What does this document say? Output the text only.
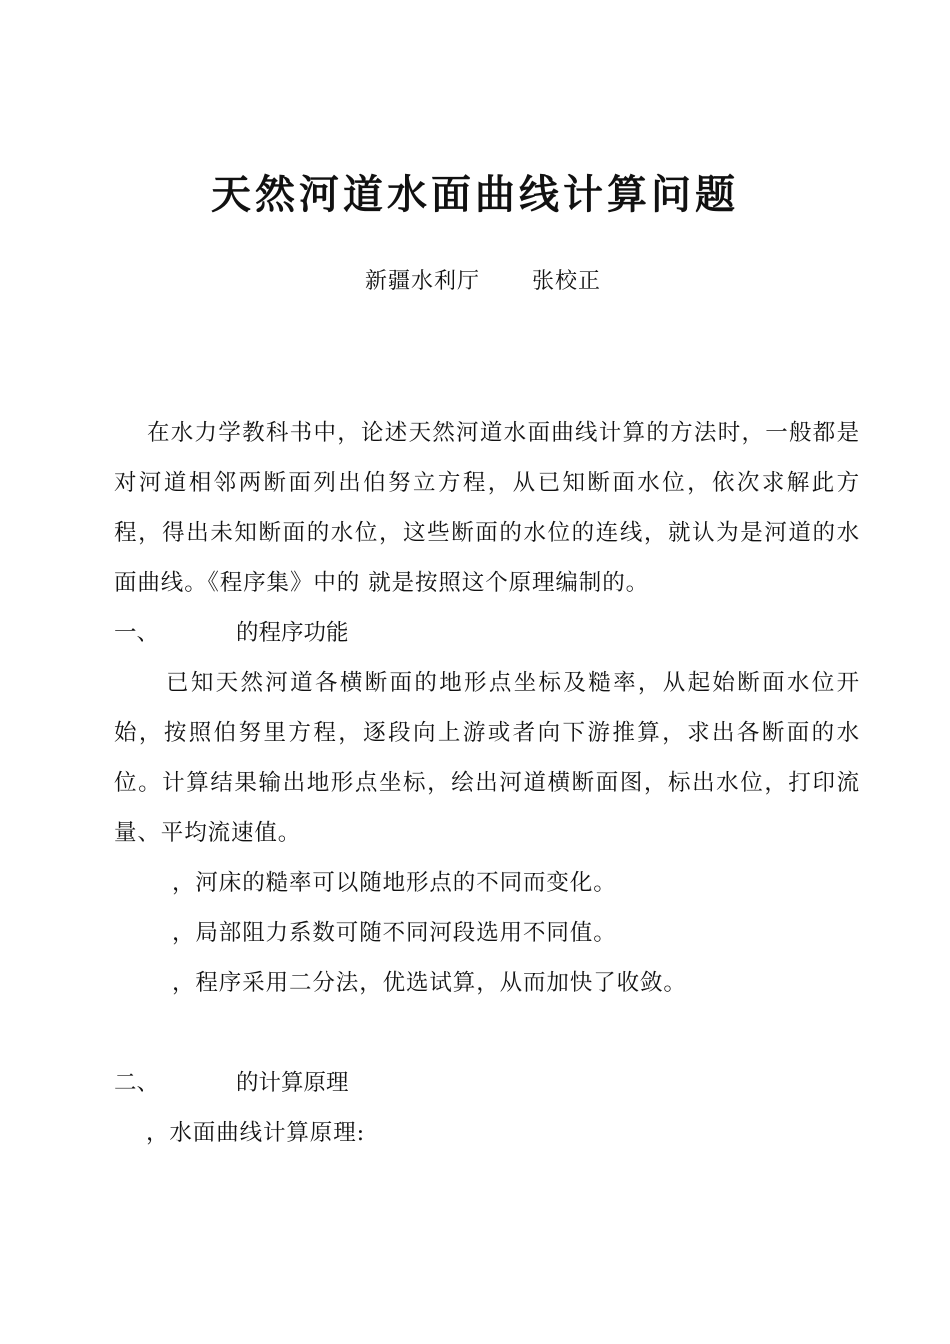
天然河道水面曲线计算问题
新疆水利厅 张校正

在水力学教科书中，论述天然河道水面曲线计算的方法时，一般都是对河道相邻两断面列出伯努立方程，从已知断面水位，依次求解此方程，得出未知断面的水位，这些断面的水位的连线，就认为是河道的水面曲线。《程序集》中的 就是按照这个原理编制的。

一、	的程序功能

已知天然河道各横断面的地形点坐标及糙率，从起始断面水位开始，按照伯努里方程，逐段向上游或者向下游推算，求出各断面的水位。计算结果输出地形点坐标，绘出河道横断面图，标出水位，打印流量、平均流速值。

，河床的糙率可以随地形点的不同而变化。

，局部阻力系数可随不同河段选用不同值。

，程序采用二分法，优选试算，从而加快了收敛。

二、	的计算原理

，水面曲线计算原理:
